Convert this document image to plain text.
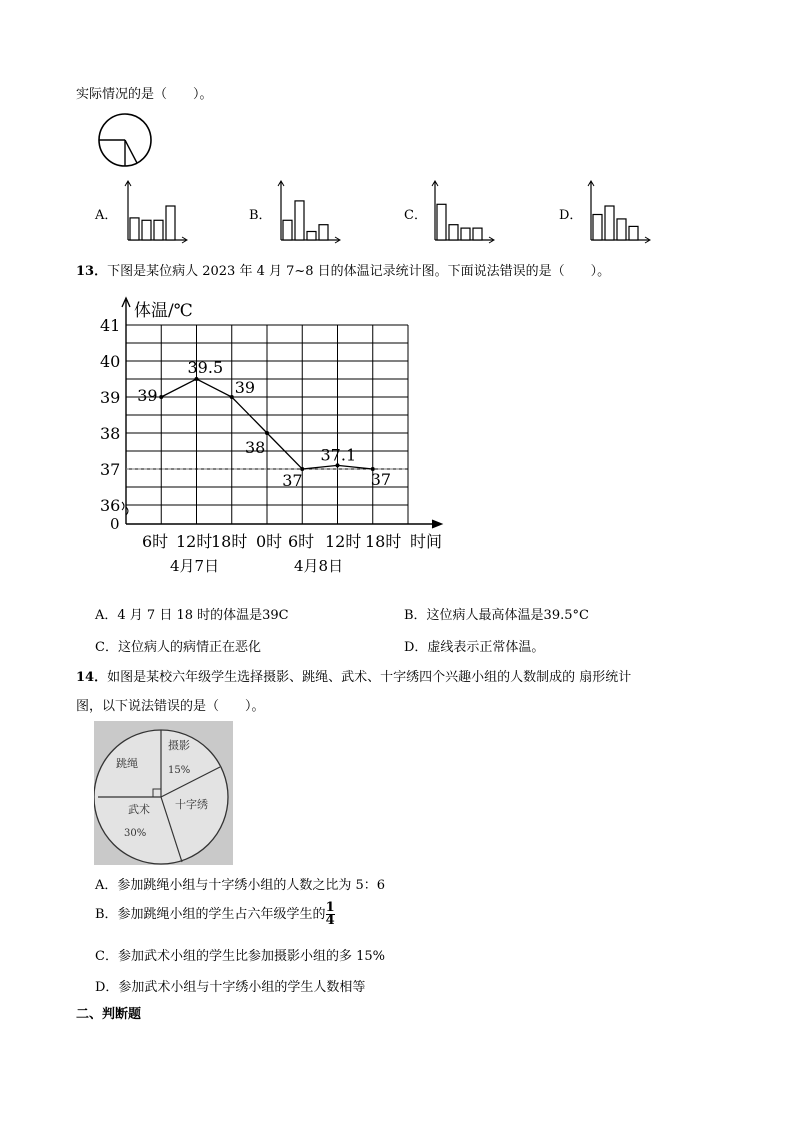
实际情况的是（　　）。
A．	B．	C．	D．
13．下图是某位病人 2023 年 4 月 7~8 日的体温记录统计图。下面说法错误的是（　　）。
39
39.5
39
38
37
37.1
37
41
40
39
38
37
36
0
体温/℃
6时 12时
18时 0时 6时 12时 18时 时间
4月7日	4月8日
A．4 月 7 日 18 时的体温是39C	B．这位病人最高体温是39.5°C
C．这位病人的病情正在恶化	D．虚线表示正常体温。
14．如图是某校六年级学生选择摄影、跳绳、武术、十字绣四个兴趣小组的人数制成的 扇形统计
图，以下说法错误的是（　　）。
跳绳
摄影
15%
武术
30%
十字绣
A．参加跳绳小组与十字绣小组的人数之比为 5：6
B．参加跳绳小组的学生占六年级学生的 $\frac{1}{4}$
C．参加武术小组的学生比参加摄影小组的多 15%
D．参加武术小组与十字绣小组的学生人数相等
二、判断题
